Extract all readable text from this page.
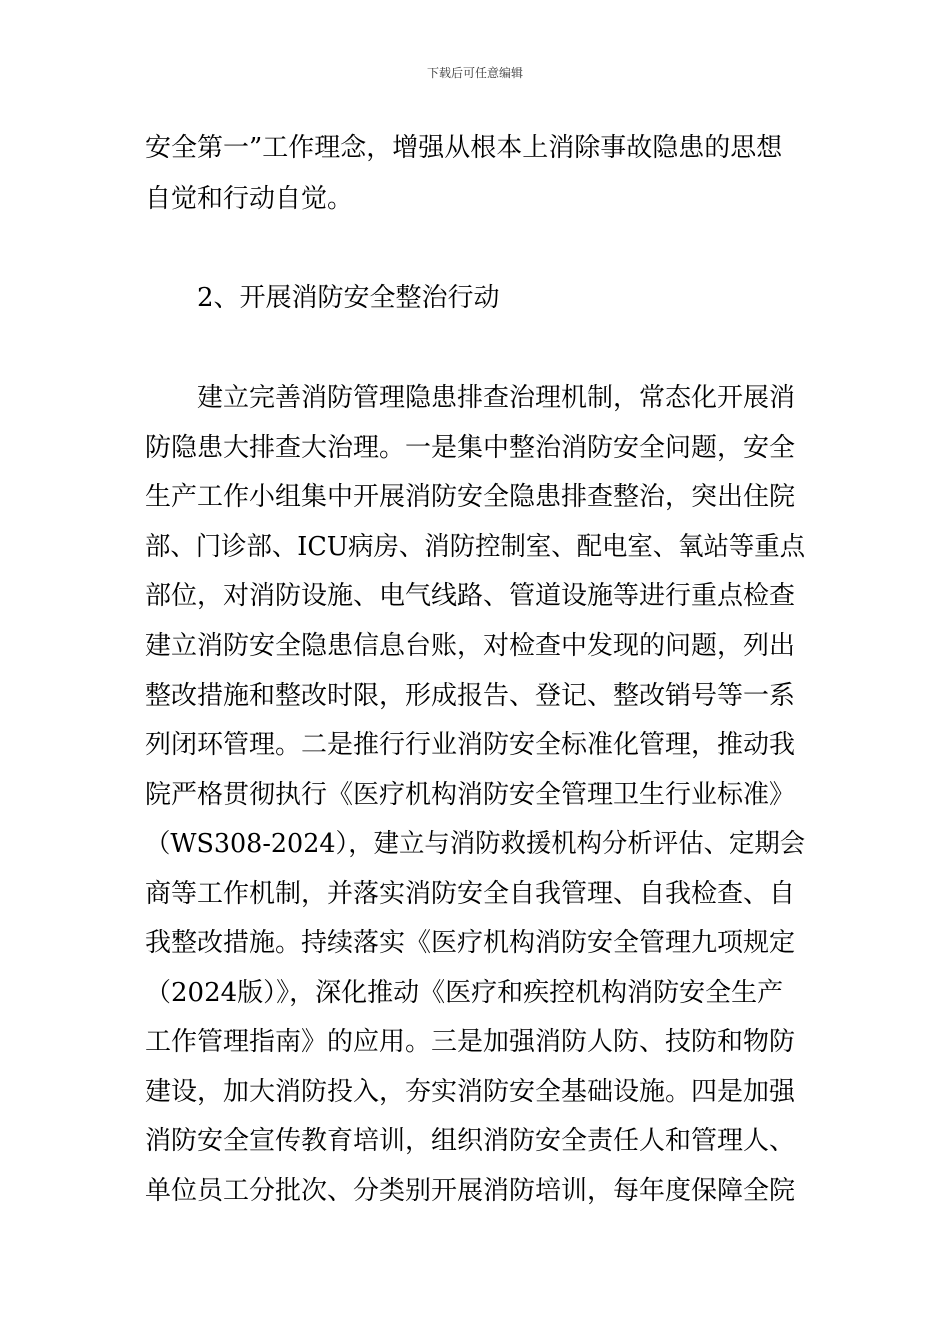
下载后可任意编辑
安全第一”工作理念，增强从根本上消除事故隐患的思想
自觉和行动自觉。
2、开展消防安全整治行动
建立完善消防管理隐患排查治理机制，常态化开展消
防隐患大排查大治理。一是集中整治消防安全问题，安全
生产工作小组集中开展消防安全隐患排查整治，突出住院
部、门诊部、ICU病房、消防控制室、配电室、氧站等重点
部位，对消防设施、电气线路、管道设施等进行重点检查
建立消防安全隐患信息台账，对检查中发现的问题，列出
整改措施和整改时限，形成报告、登记、整改销号等一系
列闭环管理。二是推行行业消防安全标准化管理，推动我
院严格贯彻执行《医疗机构消防安全管理卫生行业标准》
（WS308-2024），建立与消防救援机构分析评估、定期会
商等工作机制，并落实消防安全自我管理、自我检查、自
我整改措施。持续落实《医疗机构消防安全管理九项规定
（2024版）》，深化推动《医疗和疾控机构消防安全生产
工作管理指南》的应用。三是加强消防人防、技防和物防
建设，加大消防投入，夯实消防安全基础设施。四是加强
消防安全宣传教育培训，组织消防安全责任人和管理人、
单位员工分批次、分类别开展消防培训，每年度保障全院
